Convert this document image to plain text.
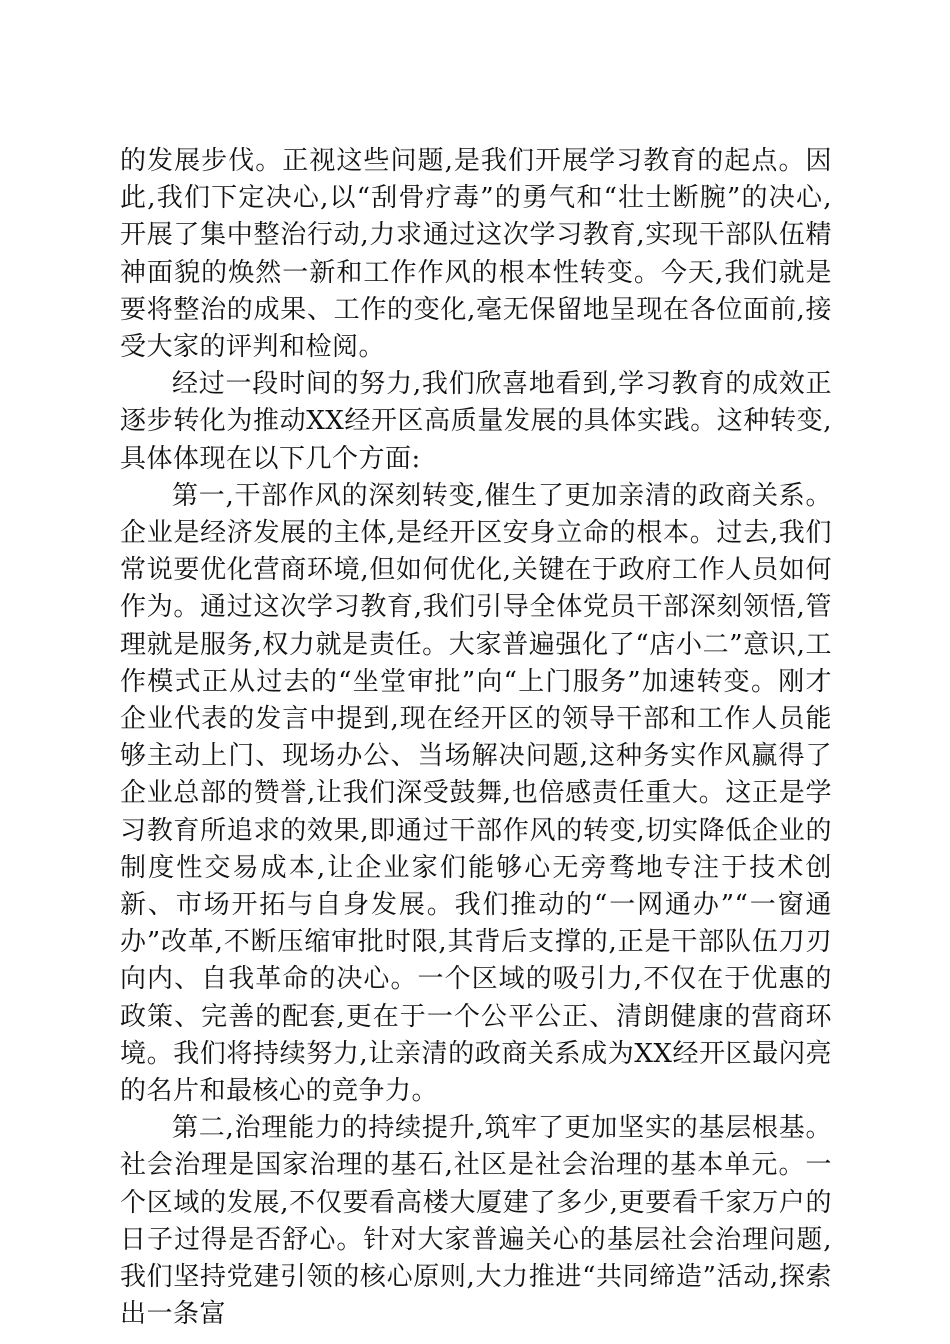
的发展步伐。正视这些问题,是我们开展学习教育的起点。因此,我们下定决心,以“刮骨疗毒”的勇气和“壮士断腕”的决心,开展了集中整治行动,力求通过这次学习教育,实现干部队伍精神面貌的焕然一新和工作作风的根本性转变。今天,我们就是要将整治的成果、工作的变化,毫无保留地呈现在各位面前,接受大家的评判和检阅。

经过一段时间的努力,我们欣喜地看到,学习教育的成效正逐步转化为推动XX经开区高质量发展的具体实践。这种转变,具体体现在以下几个方面:

第一,干部作风的深刻转变,催生了更加亲清的政商关系。企业是经济发展的主体,是经开区安身立命的根本。过去,我们常说要优化营商环境,但如何优化,关键在于政府工作人员如何作为。通过这次学习教育,我们引导全体党员干部深刻领悟,管理就是服务,权力就是责任。大家普遍强化了“店小二”意识,工作模式正从过去的“坐堂审批”向“上门服务”加速转变。刚才企业代表的发言中提到,现在经开区的领导干部和工作人员能够主动上门、现场办公、当场解决问题,这种务实作风赢得了企业总部的赞誉,让我们深受鼓舞,也倍感责任重大。这正是学习教育所追求的效果,即通过干部作风的转变,切实降低企业的制度性交易成本,让企业家们能够心无旁骛地专注于技术创新、市场开拓与自身发展。我们推动的“一网通办”“一窗通办”改革,不断压缩审批时限,其背后支撑的,正是干部队伍刀刃向内、自我革命的决心。一个区域的吸引力,不仅在于优惠的政策、完善的配套,更在于一个公平公正、清朗健康的营商环境。我们将持续努力,让亲清的政商关系成为XX经开区最闪亮的名片和最核心的竞争力。

第二,治理能力的持续提升,筑牢了更加坚实的基层根基。社会治理是国家治理的基石,社区是社会治理的基本单元。一个区域的发展,不仅要看高楼大厦建了多少,更要看千家万户的日子过得是否舒心。针对大家普遍关心的基层社会治理问题,我们坚持党建引领的核心原则,大力推进“共同缔造”活动,探索出一条富
